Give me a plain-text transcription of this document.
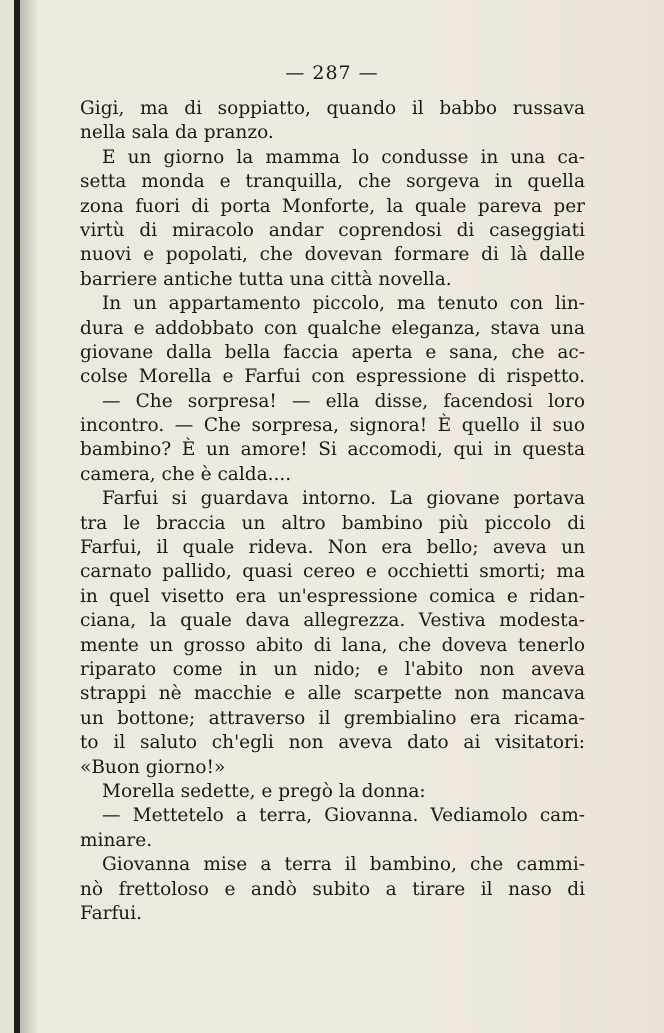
— 287 —
Gigi, ma di soppiatto, quando il babbo russava
nella sala da pranzo.
E un giorno la mamma lo condusse in una ca-
setta monda e tranquilla, che sorgeva in quella
zona fuori di porta Monforte, la quale pareva per
virtù di miracolo andar coprendosi di caseggiati
nuovi e popolati, che dovevan formare di là dalle
barriere antiche tutta una città novella.
In un appartamento piccolo, ma tenuto con lin-
dura e addobbato con qualche eleganza, stava una
giovane dalla bella faccia aperta e sana, che ac-
colse Morella e Farfui con espressione di rispetto.
— Che sorpresa! — ella disse, facendosi loro
incontro. — Che sorpresa, signora! È quello il suo
bambino? È un amore! Si accomodi, qui in questa
camera, che è calda....
Farfui si guardava intorno. La giovane portava
tra le braccia un altro bambino più piccolo di
Farfui, il quale rideva. Non era bello; aveva un
carnato pallido, quasi cereo e occhietti smorti; ma
in quel visetto era un'espressione comica e ridan-
ciana, la quale dava allegrezza. Vestiva modesta-
mente un grosso abito di lana, che doveva tenerlo
riparato come in un nido; e l'abito non aveva
strappi nè macchie e alle scarpette non mancava
un bottone; attraverso il grembialino era ricama-
to il saluto ch'egli non aveva dato ai visitatori:
«Buon giorno!»
Morella sedette, e pregò la donna:
— Mettetelo a terra, Giovanna. Vediamolo cam-
minare.
Giovanna mise a terra il bambino, che cammi-
nò frettoloso e andò subito a tirare il naso di
Farfui.
